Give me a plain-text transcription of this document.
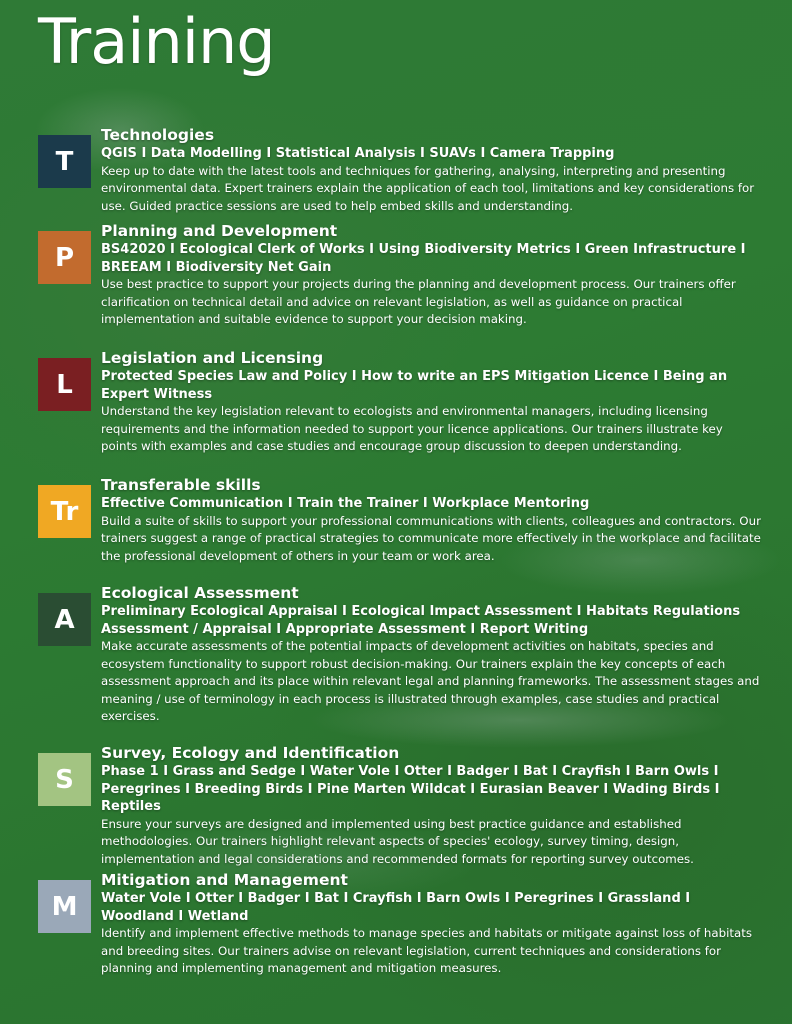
Training
T

Technologies

QGIS I Data Modelling I Statistical Analysis I SUAVs I Camera Trapping

Keep up to date with the latest tools and techniques for gathering, analysing, interpreting and presenting environmental data. Expert trainers explain the application of each tool, limitations and key considerations for use. Guided practice sessions are used to help embed skills and understanding.

P

Planning and Development

BS42020 I Ecological Clerk of Works I Using Biodiversity Metrics I Green Infrastructure I BREEAM I Biodiversity Net Gain

Use best practice to support your projects during the planning and development process. Our trainers offer clarification on technical detail and advice on relevant legislation, as well as guidance on practical implementation and suitable evidence to support your decision making.

L

Legislation and Licensing

Protected Species Law and Policy I How to write an EPS Mitigation Licence I Being an Expert Witness

Understand the key legislation relevant to ecologists and environmental managers, including licensing requirements and the information needed to support your licence applications. Our trainers illustrate key points with examples and case studies and encourage group discussion to deepen understanding.

Tr

Transferable skills

Effective Communication I Train the Trainer I Workplace Mentoring

Build a suite of skills to support your professional communications with clients, colleagues and contractors. Our trainers suggest a range of practical strategies to communicate more effectively in the workplace and facilitate the professional development of others in your team or work area.

A

Ecological Assessment

Preliminary Ecological Appraisal I Ecological Impact Assessment I Habitats Regulations Assessment / Appraisal I Appropriate Assessment I Report Writing

Make accurate assessments of the potential impacts of development activities on habitats, species and ecosystem functionality to support robust decision-making. Our trainers explain the key concepts of each assessment approach and its place within relevant legal and planning frameworks. The assessment stages and meaning / use of terminology in each process is illustrated through examples, case studies and practical exercises.

S

Survey, Ecology and Identification

Phase 1 I Grass and Sedge I Water Vole I Otter I Badger I Bat I Crayfish I Barn Owls I Peregrines I Breeding Birds I Pine Marten Wildcat I Eurasian Beaver I Wading Birds I Reptiles

Ensure your surveys are designed and implemented using best practice guidance and established methodologies. Our trainers highlight relevant aspects of species' ecology, survey timing, design, implementation and legal considerations and recommended formats for reporting survey outcomes.

M

Mitigation and Management

Water Vole I Otter I Badger I Bat I Crayfish I Barn Owls I Peregrines I Grassland I Woodland I Wetland

Identify and implement effective methods to manage species and habitats or mitigate against loss of habitats and breeding sites. Our trainers advise on relevant legislation, current techniques and considerations for planning and implementing management and mitigation measures.
